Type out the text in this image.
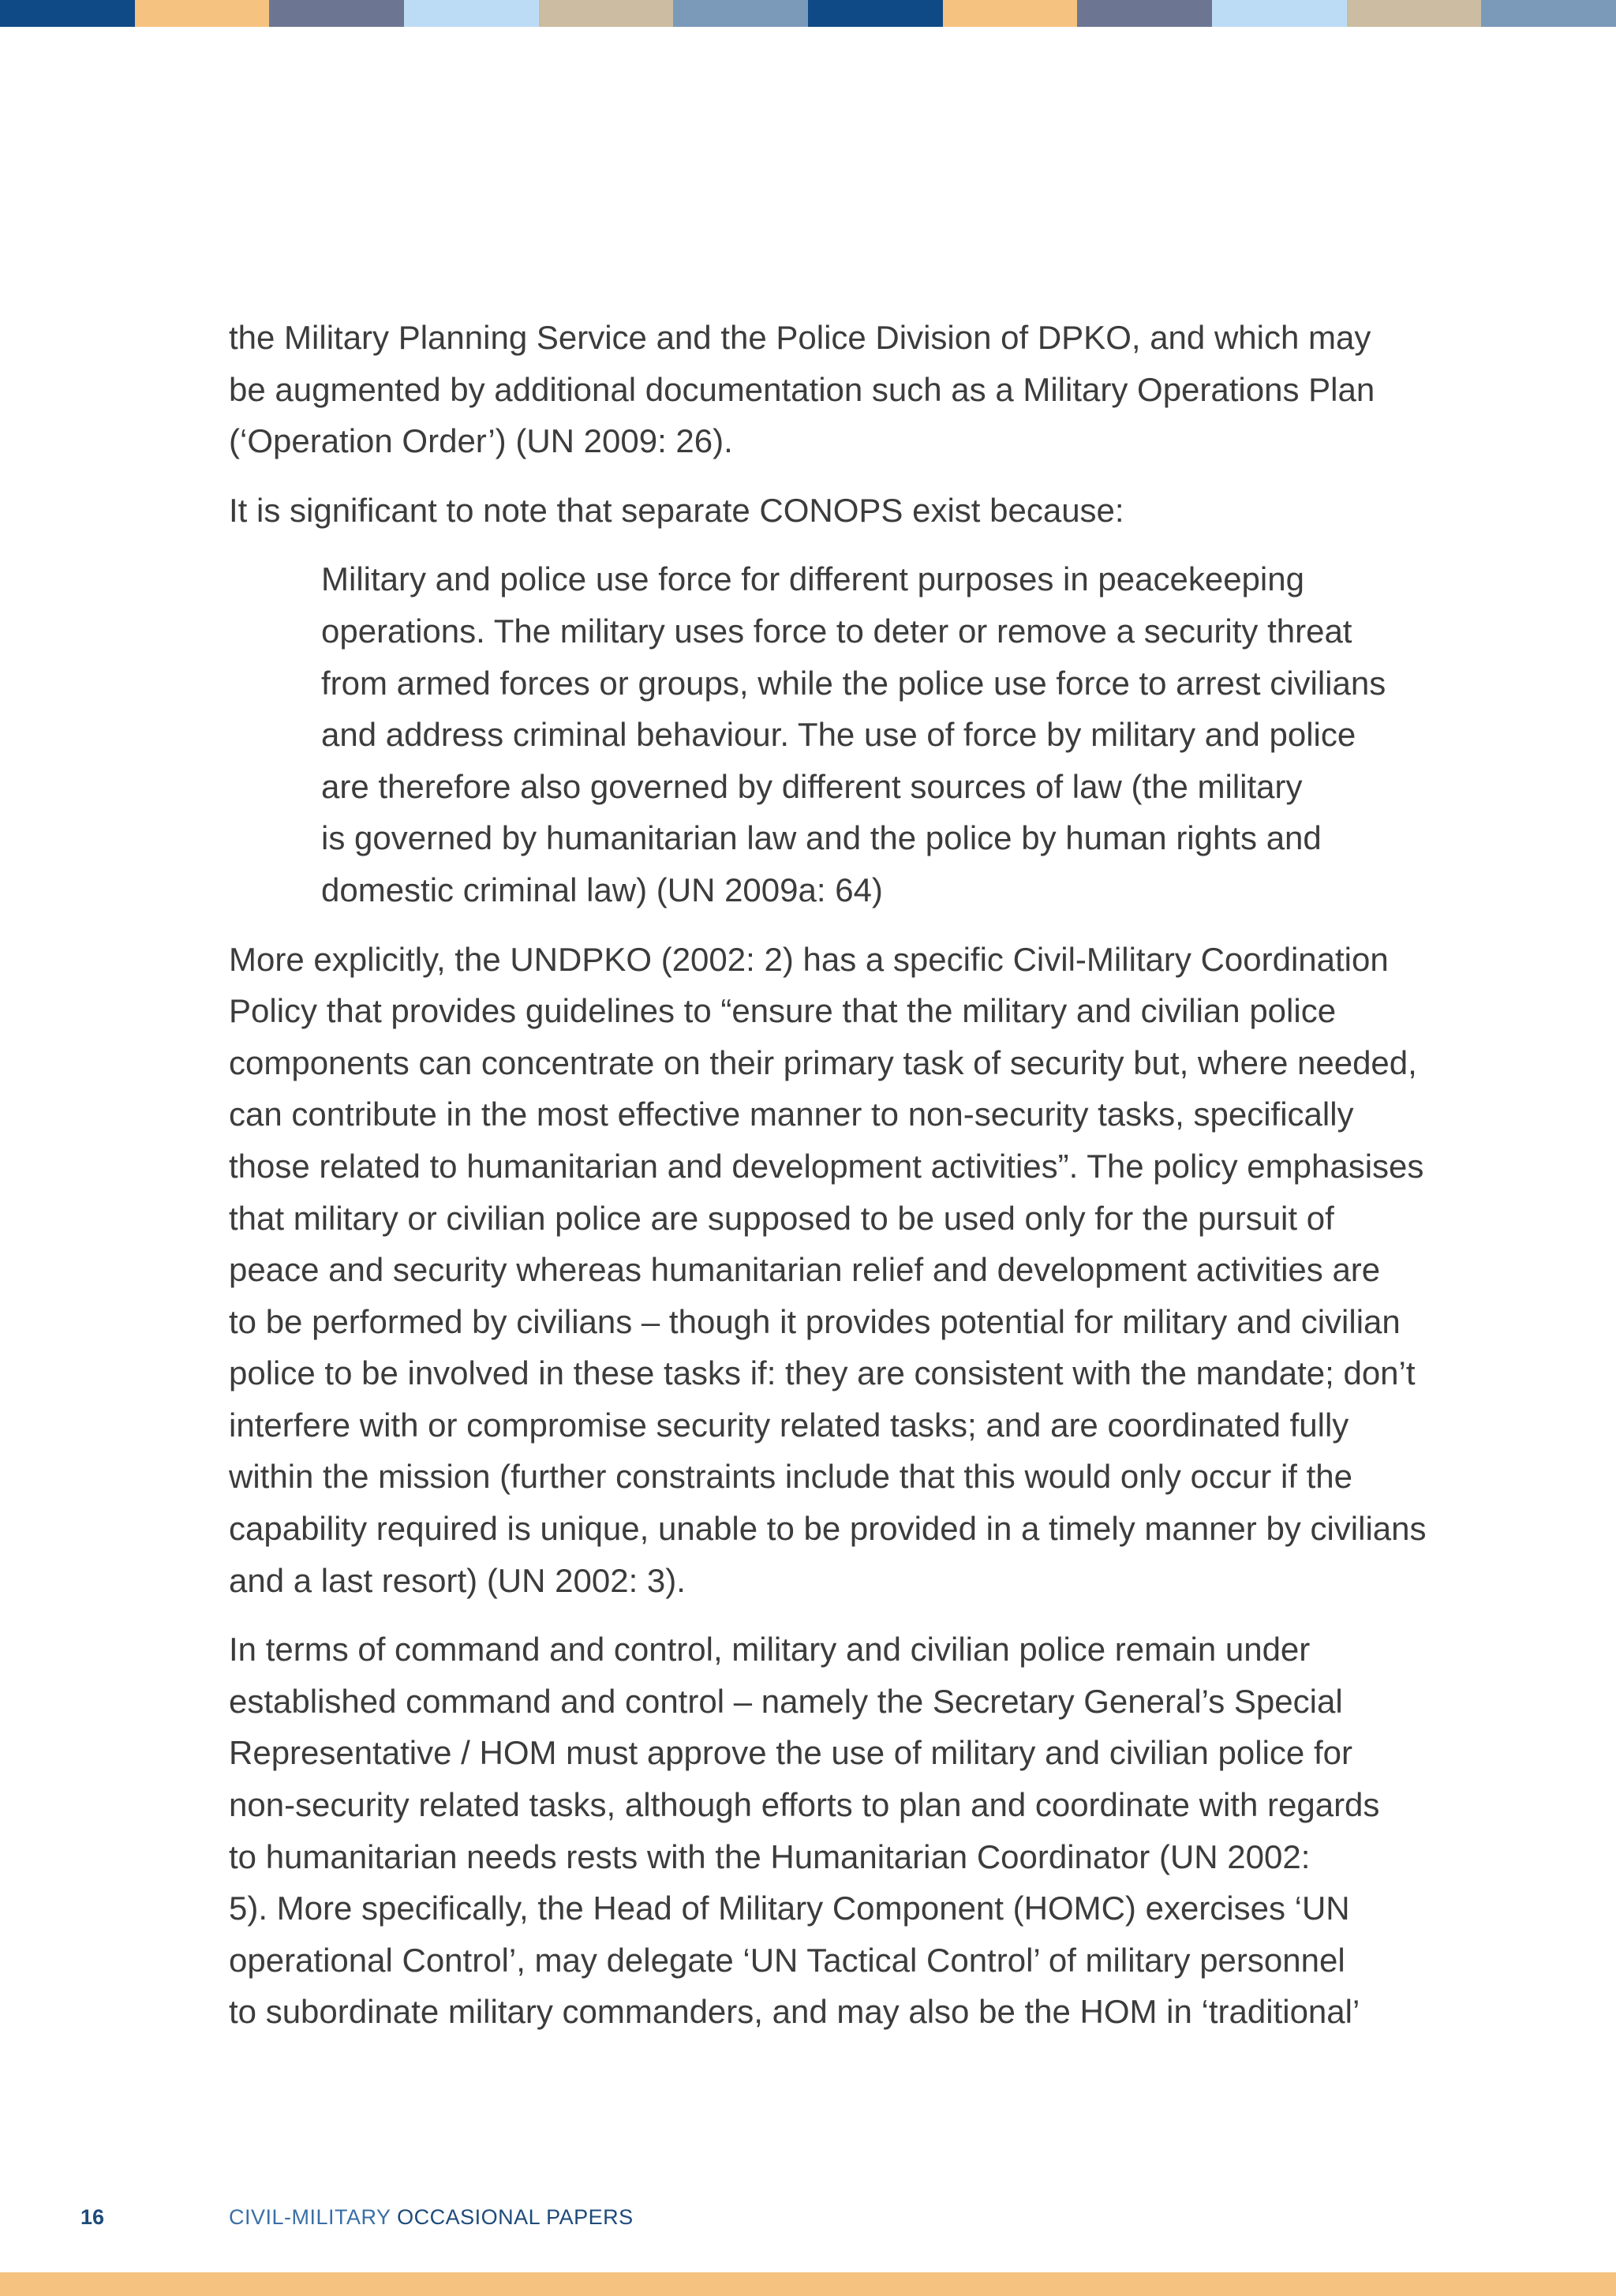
the Military Planning Service and the Police Division of DPKO, and which may
be augmented by additional documentation such as a Military Operations Plan
(‘Operation Order’) (UN 2009: 26).

It is significant to note that separate CONOPS exist because:

Military and police use force for different purposes in peacekeeping
operations. The military uses force to deter or remove a security threat
from armed forces or groups, while the police use force to arrest civilians
and address criminal behaviour. The use of force by military and police
are therefore also governed by different sources of law (the military
is governed by humanitarian law and the police by human rights and
domestic criminal law) (UN 2009a: 64)

More explicitly, the UNDPKO (2002: 2) has a specific Civil-Military Coordination
Policy that provides guidelines to “ensure that the military and civilian police
components can concentrate on their primary task of security but, where needed,
can contribute in the most effective manner to non-security tasks, specifically
those related to humanitarian and development activities”. The policy emphasises
that military or civilian police are supposed to be used only for the pursuit of
peace and security whereas humanitarian relief and development activities are
to be performed by civilians – though it provides potential for military and civilian
police to be involved in these tasks if: they are consistent with the mandate; don’t
interfere with or compromise security related tasks; and are coordinated fully
within the mission (further constraints include that this would only occur if the
capability required is unique, unable to be provided in a timely manner by civilians
and a last resort) (UN 2002: 3).

In terms of command and control, military and civilian police remain under
established command and control – namely the Secretary General’s Special
Representative / HOM must approve the use of military and civilian police for
non-security related tasks, although efforts to plan and coordinate with regards
to humanitarian needs rests with the Humanitarian Coordinator (UN 2002:
5). More specifically, the Head of Military Component (HOMC) exercises ‘UN
operational Control’, may delegate ‘UN Tactical Control’ of military personnel
to subordinate military commanders, and may also be the HOM in ‘traditional’

16	CIVIL-MILITARY OCCASIONAL PAPERS
